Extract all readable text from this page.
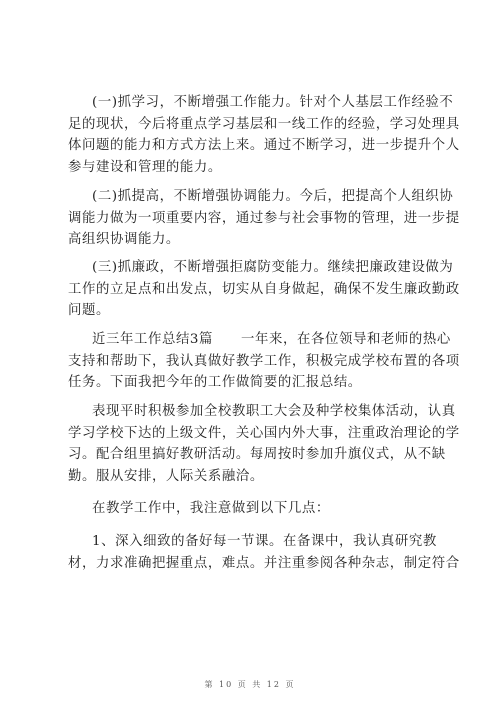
(一)抓学习，不断增强工作能力。针对个人基层工作经验不
足的现状，今后将重点学习基层和一线工作的经验，学习处理具
体问题的能力和方式方法上来。通过不断学习，进一步提升个人
参与建设和管理的能力。
(二)抓提高，不断增强协调能力。今后，把提高个人组织协
调能力做为一项重要内容，通过参与社会事物的管理，进一步提
高组织协调能力。
(三)抓廉政，不断增强拒腐防变能力。继续把廉政建设做为
工作的立足点和出发点，切实从自身做起，确保不发生廉政勤政
问题。
近三年工作总结3篇　　一年来，在各位领导和老师的热心
支持和帮助下，我认真做好教学工作，积极完成学校布置的各项
任务。下面我把今年的工作做简要的汇报总结。
表现平时积极参加全校教职工大会及种学校集体活动，认真
学习学校下达的上级文件，关心国内外大事，注重政治理论的学
习。配合组里搞好教研活动。每周按时参加升旗仪式，从不缺
勤。服从安排，人际关系融洽。
在教学工作中，我注意做到以下几点：
1、深入细致的备好每一节课。在备课中，我认真研究教
材，力求准确把握重点，难点。并注重参阅各种杂志，制定符合
第 10 页 共 12 页
